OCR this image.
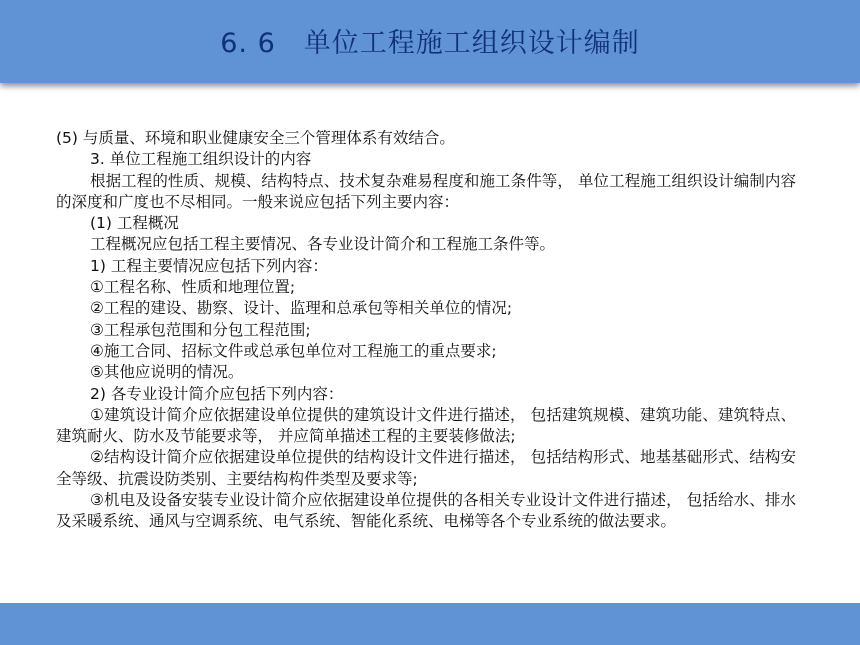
6. 6　单位工程施工组织设计编制

(5) 与质量、环境和职业健康安全三个管理体系有效结合。

3. 单位工程施工组织设计的内容

根据工程的性质、规模、结构特点、技术复杂难易程度和施工条件等， 单位工程施工组织设计编制内容的深度和广度也不尽相同。一般来说应包括下列主要内容：

(1) 工程概况

工程概况应包括工程主要情况、各专业设计简介和工程施工条件等。

1) 工程主要情况应包括下列内容：

①工程名称、性质和地理位置;

②工程的建设、勘察、设计、监理和总承包等相关单位的情况;

③工程承包范围和分包工程范围;

④施工合同、招标文件或总承包单位对工程施工的重点要求;

⑤其他应说明的情况。

2) 各专业设计简介应包括下列内容：

①建筑设计简介应依据建设单位提供的建筑设计文件进行描述， 包括建筑规模、建筑功能、建筑特点、建筑耐火、防水及节能要求等， 并应简单描述工程的主要装修做法;

②结构设计简介应依据建设单位提供的结构设计文件进行描述， 包括结构形式、地基基础形式、结构安全等级、抗震设防类别、主要结构构件类型及要求等;

③机电及设备安装专业设计简介应依据建设单位提供的各相关专业设计文件进行描述， 包括给水、排水及采暖系统、通风与空调系统、电气系统、智能化系统、电梯等各个专业系统的做法要求。
